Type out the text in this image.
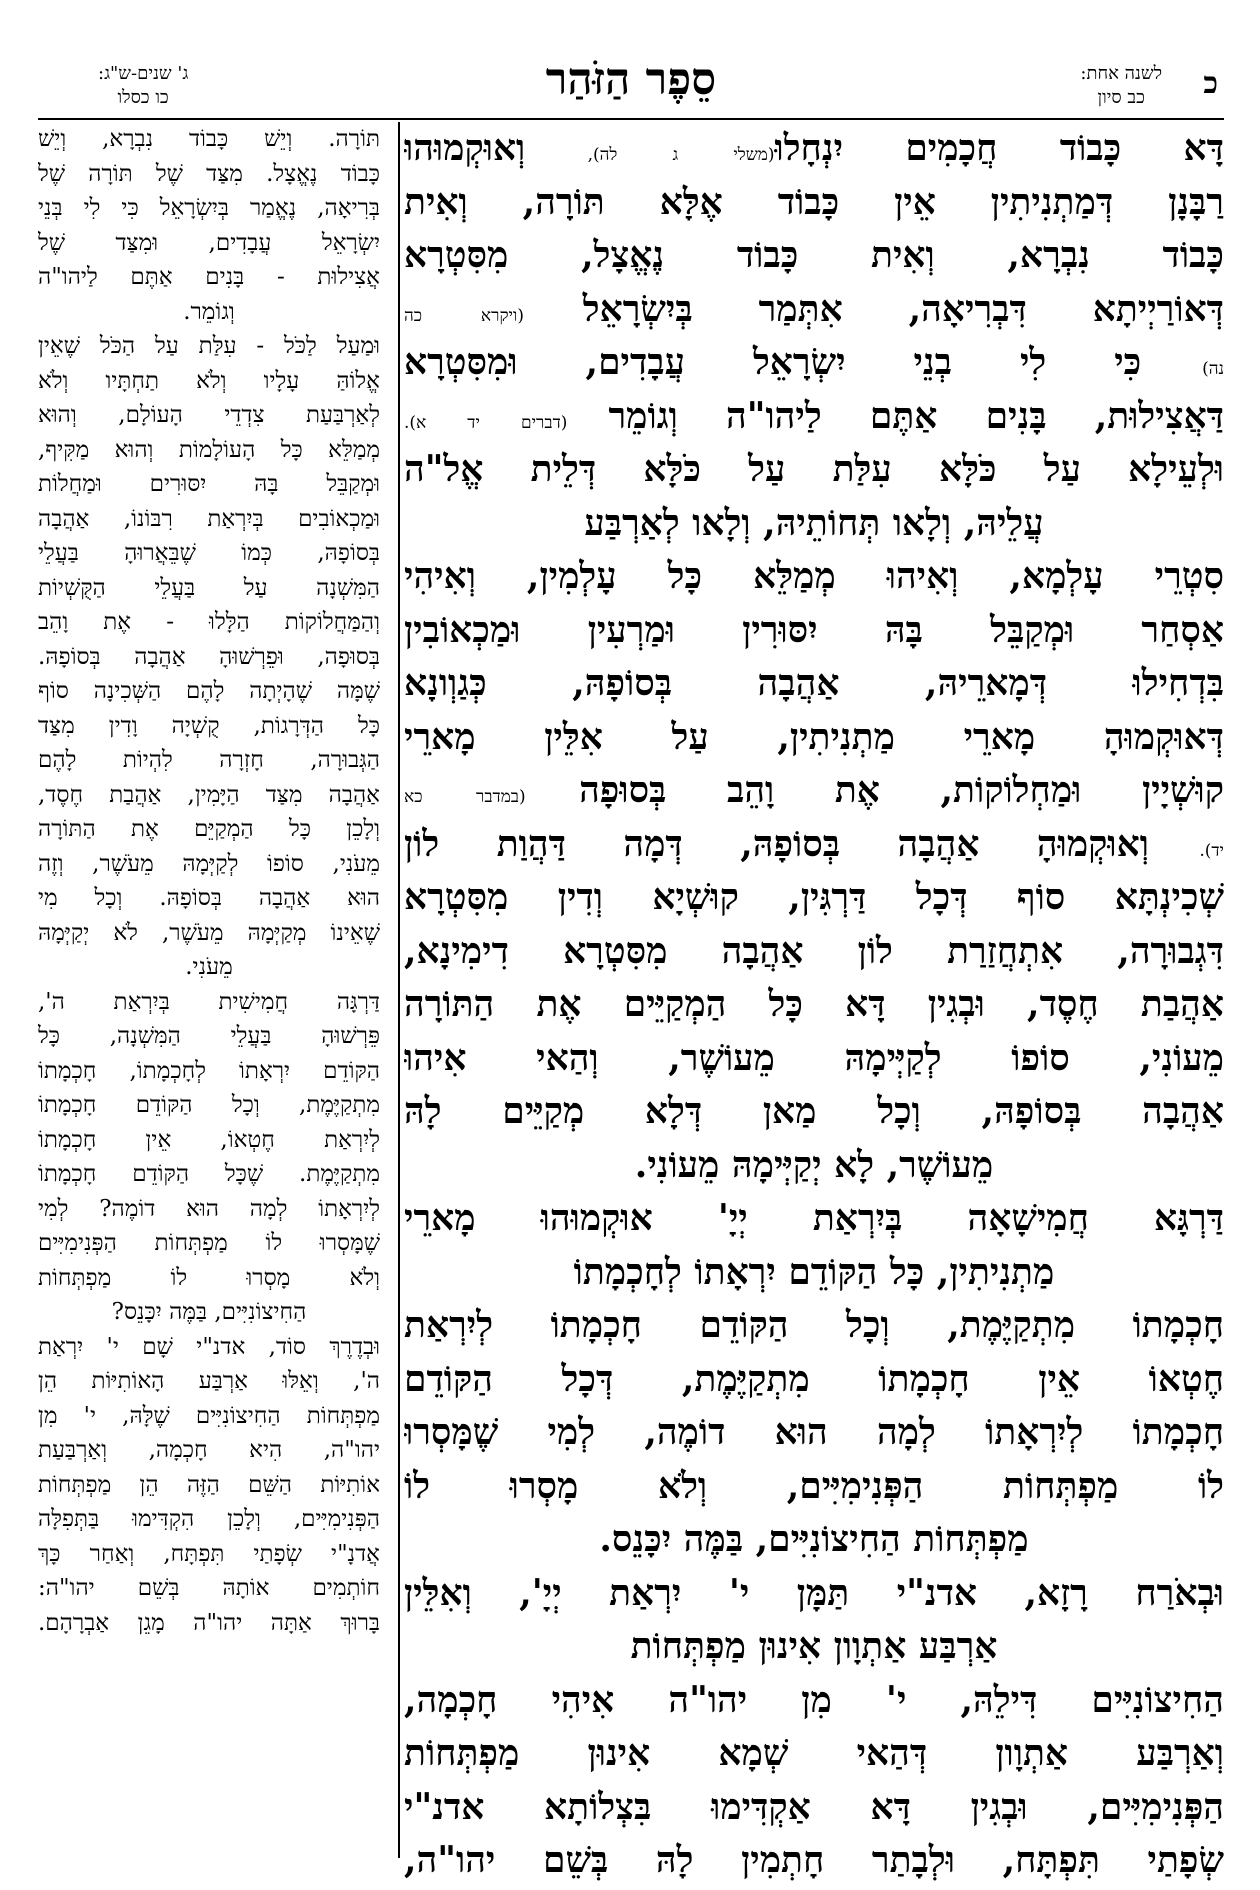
כ
לשנה אחת:
כב סיון
סֵפֶר הַזֹּהַר
ג' שנים-ש"ג:
כו כסלו
דָּא כָּבוֹד חֲכָמִים יִנְחָלוּ(משלי ג לה), וְאוּקְמוּהוּ
רַבָּנָן דְּמַתְנִיתִין אֵין כָּבוֹד אֶלָּא תּוֹרָה, וְאִית
כָּבוֹד נִבְרָא, וְאִית כָּבוֹד נֶאֱצָל, מִסִּטְרָא
דְּאוֹרַיְיתָא דִּבְרִיאָה, אִתְּמַר בְּיִשְׂרָאֵל (ויקרא כה
נה) כִּי לִי בְנֵי יִשְׂרָאֵל עֲבָדִים, וּמִסִּטְרָא
דַּאֲצִילוּת, בָּנִים אַתֶּם לַיהו"ה וְגוֹמֵר (דברים יד א).
וּלְעֵילָא עַל כֹּלָּא עִלַּת עַל כֹּלָּא דְּלֵית אֱל"ה
עֲלֵיהּ, וְלָאו תְּחוֹתֵיהּ, וְלָאו לְאַרְבַּע
סִטְרֵי עָלְמָא, וְאִיהוּ מְמַלֵּא כָּל עָלְמִין, וְאִיהִי
אַסְחַר וּמְקַבֵּל בָּהּ יִסּוּרִין וּמַרְעִין וּמַכְאוֹבִין
בִּדְחִילוּ דְּמָארֵיהּ, אַהֲבָה בְּסוֹפָהּ, כְּגַוְונָא
דְּאוּקְמוּהָ מָארֵי מַתְנִיתִין, עַל אִלֵּין מָארֵי
קוּשְׁיָין וּמַחְלוֹקוֹת, אֶת וָהֵב בְּסוּפָה (במדבר כא
יד). וְאוּקְמוּהָ אַהֲבָה בְּסוֹפָהּ, דְּמָה דַּהֲוַת לוֹן
שְׁכִינְתָּא סוֹף דְּכָל דַּרְגִּין, קוּשְׁיָא וְדִין מִסִּטְרָא
דִּגְבוּרָה, אִתְחֲזַרַת לוֹן אַהֲבָה מִסִּטְרָא דִימִינָא,
אַהֲבַת חֶסֶד, וּבְגִין דָּא כָּל הַמְקַיֵּים אֶת הַתּוֹרָה
מֵעוֹנִי, סוֹפוֹ לְקַיְּימָהּ מֵעוֹשֶׁר, וְהַאי אִיהוּ
אַהֲבָה בְּסוֹפָהּ, וְכָל מַאן דְּלָא מְקַיֵּים לָהּ
מֵעוֹשֶׁר, לָא יְקַיְּימָהּ מֵעוֹנִי.
דַּרְגָּא חֲמִישָׁאָה בְּיִרְאַת יְיָ' אוּקְמוּהוּ מָארֵי
מַתְנִיתִין, כָּל הַקּוֹדֵם יִרְאָתוֹ לְחָכְמָתוֹ
חָכְמָתוֹ מִתְקַיֶּמֶת, וְכָל הַקּוֹדֵם חָכְמָתוֹ לְיִרְאַת
חֶטְאוֹ אֵין חָכְמָתוֹ מִתְקַיֶּמֶת, דְּכָל הַקּוֹדֵם
חָכְמָתוֹ לְיִרְאָתוֹ לְמָה הוּא דוֹמֶה, לְמִי שֶׁמָּסְרוּ
לוֹ מַפְתְּחוֹת הַפְּנִימִיִּים, וְלֹא מָסְרוּ לוֹ
מַפְתְּחוֹת הַחִיצוֹנִיִּים, בַּמֶּה יִכָּנֵס.
וּבְאֹרַח רָזָא, אדנ"י תַּמָּן י' יִרְאַת יְיָ', וְאִלֵּין
אַרְבַּע אַתְוָון אִינוּן מַפְתְּחוֹת
הַחִיצוֹנִיִּים דִּילֵהּ, י' מִן יהו"ה אִיהִי חָכְמָה,
וְאַרְבַּע אַתְוָון דְּהַאי שְׁמָא אִינוּן מַפְתְּחוֹת
הַפְּנִימִיִּים, וּבְגִין דָּא אַקְדִּימוּ בִּצְלוֹתָא אדנ"י
שְׂפָתַי תִּפְתָּח, וּלְבָתַר חָתְמִין לָהּ בְּשֵׁם יהו"ה,
תּוֹרָה. וְיֵשׁ כָּבוֹד נִבְרָא, וְיֵשׁ
כָּבוֹד נֶאֱצָל. מִצַּד שֶׁל תּוֹרָה שֶׁל
בְּרִיאָה, נֶאֱמַר בְּיִשְׂרָאֵל כִּי לִי בְּנֵי
יִשְׂרָאֵל עֲבָדִים, וּמִצַּד שֶׁל
אֲצִילוּת - בָּנִים אַתֶּם לַיהו"ה
וְגוֹמֵר.
וּמַעַל לַכֹּל - עִלַּת עַל הַכֹּל שֶׁאֵין
אֱלוֹהַּ עָלָיו וְלֹא תַחְתָּיו וְלֹא
לְאַרְבַּעַת צִדְדֵי הָעוֹלָם, וְהוּא
מְמַלֵּא כָּל הָעוֹלָמוֹת וְהוּא מַקִּיף,
וּמְקַבֵּל בָּהּ יִסּוּרִים וּמַחֲלוֹת
וּמַכְאוֹבִים בְּיִרְאַת רִבּוֹנוֹ, אַהֲבָה
בְּסוֹפָהּ, כְּמוֹ שֶׁבֵּאֲרוּהָ בַּעֲלֵי
הַמִּשְׁנָה עַל בַּעֲלֵי הַקֻּשְׁיוֹת
וְהַמַּחֲלוֹקוֹת הַלָּלוּ - אֶת וָהֵב
בְּסוּפָה, וּפֵרְשׁוּהָ אַהֲבָה בְּסוֹפָהּ.
שֶׁמָּה שֶׁהָיְתָה לָהֶם הַשְּׁכִינָה סוֹף
כָּל הַדְּרָגוֹת, קֻשְׁיָה וָדִין מִצַּד
הַגְּבוּרָה, חָזְרָה לִהְיוֹת לָהֶם
אַהֲבָה מִצַּד הַיָּמִין, אַהֲבַת חֶסֶד,
וְלָכֵן כָּל הַמְקַיֵּם אֶת הַתּוֹרָה
מֵעֹנִי, סוֹפוֹ לְקַיְּמָהּ מֵעֹשֶׁר, וְזֶה
הוּא אַהֲבָה בְּסוֹפָהּ. וְכָל מִי
שֶׁאֵינוֹ מְקַיְּמָהּ מֵעֹשֶׁר, לֹא יְקַיְּמָהּ
מֵעֹנִי.
דַּרְגָּה חֲמִישִׁית בְּיִרְאַת ה',
פֵּרְשׁוּהָ בַּעֲלֵי הַמִּשְׁנָה, כָּל
הַקּוֹדֵם יִרְאָתוֹ לְחָכְמָתוֹ, חָכְמָתוֹ
מִתְקַיֶּמֶת, וְכָל הַקּוֹדֵם חָכְמָתוֹ
לְיִרְאַת חֶטְאוֹ, אֵין חָכְמָתוֹ
מִתְקַיֶּמֶת. שֶׁכָּל הַקּוֹדֵם חָכְמָתוֹ
לְיִרְאָתוֹ לְמָה הוּא דוֹמֶה? לְמִי
שֶׁמָּסְרוּ לוֹ מַפְתְּחוֹת הַפְּנִימִיִּים
וְלֹא מָסְרוּ לוֹ מַפְתְּחוֹת
הַחִיצוֹנִיִּים, בַּמֶּה יִכָּנֵס?
וּבְדֶרֶךְ סוֹד, אדנ"י שָׁם י' יִרְאַת
ה', וְאֵלּוּ אַרְבַּע הָאוֹתִיּוֹת הֵן
מַפְתְּחוֹת הַחִיצוֹנִיִּים שֶׁלָּהּ, י' מִן
יהו"ה, הִיא חָכְמָה, וְאַרְבַּעַת
אוֹתִיּוֹת הַשֵּׁם הַזֶּה הֵן מַפְתְּחוֹת
הַפְּנִימִיִּים, וְלָכֵן הִקְדִּימוּ בַּתְּפִלָּה
אֲדנָ"י שְׂפָתַי תִּפְתָּח, וְאַחַר כָּךְ
חוֹתְמִים אוֹתָהּ בְּשֵׁם יהו"ה:
בָּרוּךְ אַתָּה יהו"ה מָגֵן אַבְרָהָם.
